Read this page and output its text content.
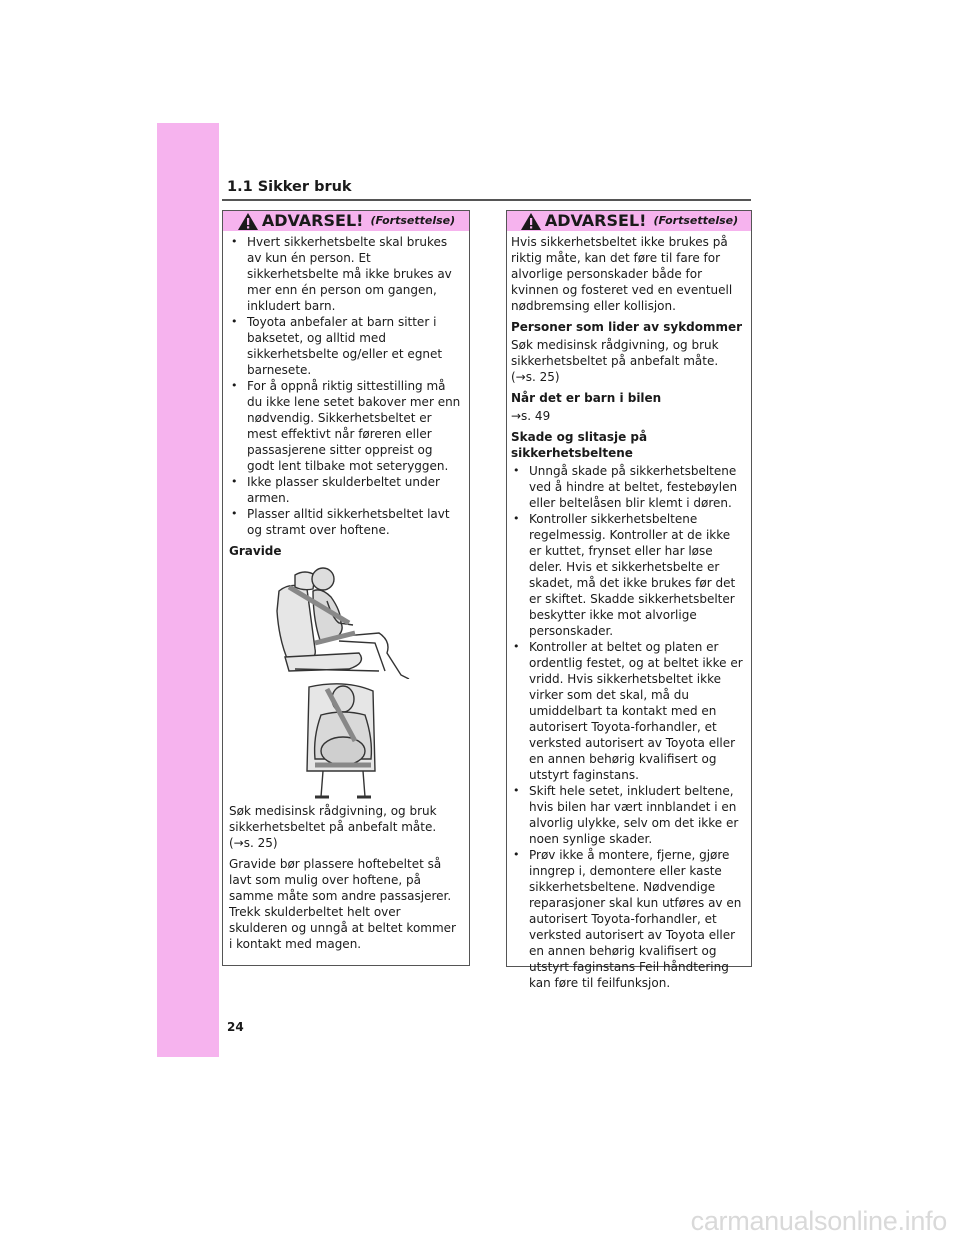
1.1 Sikker bruk
ADVARSEL! (Fortsettelse)
• Hvert sikkerhetsbelte skal brukes av kun én person. Et sikkerhetsbelte må ikke brukes av mer enn én person om gangen, inkludert barn.
• Toyota anbefaler at barn sitter i baksetet, og alltid med sikkerhetsbelte og/eller et egnet barnesete.
• For å oppnå riktig sittestilling må du ikke lene setet bakover mer enn nødvendig. Sikkerhetsbeltet er mest effektivt når føreren eller passasjerene sitter oppreist og godt lent tilbake mot seteryggen.
• Ikke plasser skulderbeltet under armen.
• Plasser alltid sikkerhetsbeltet lavt og stramt over hoftene.

Gravide

Søk medisinsk rådgivning, og bruk sikkerhetsbeltet på anbefalt måte. (→s. 25)

Gravide bør plassere hoftebeltet så lavt som mulig over hoftene, på samme måte som andre passasjerer. Trekk skulderbeltet helt over skulderen og unngå at beltet kommer i kontakt med magen.

ADVARSEL! (Fortsettelse)

Hvis sikkerhetsbeltet ikke brukes på riktig måte, kan det føre til fare for alvorlige personskader både for kvinnen og fosteret ved en eventuell nødbremsing eller kollisjon.

Personer som lider av sykdommer

Søk medisinsk rådgivning, og bruk sikkerhetsbeltet på anbefalt måte. (→s. 25)

Når det er barn i bilen

→s. 49

Skade og slitasje på sikkerhetsbeltene

• Unngå skade på sikkerhetsbeltene ved å hindre at beltet, festebøylen eller beltelåsen blir klemt i døren.
• Kontroller sikkerhetsbeltene regelmessig. Kontroller at de ikke er kuttet, frynset eller har løse deler. Hvis et sikkerhetsbelte er skadet, må det ikke brukes før det er skiftet. Skadde sikkerhetsbelter beskytter ikke mot alvorlige personskader.
• Kontroller at beltet og platen er ordentlig festet, og at beltet ikke er vridd. Hvis sikkerhetsbeltet ikke virker som det skal, må du umiddelbart ta kontakt med en autorisert Toyota-forhandler, et verksted autorisert av Toyota eller en annen behørig kvalifisert og utstyrt faginstans.
• Skift hele setet, inkludert beltene, hvis bilen har vært innblandet i en alvorlig ulykke, selv om det ikke er noen synlige skader.
• Prøv ikke å montere, fjerne, gjøre inngrep i, demontere eller kaste sikkerhetsbeltene. Nødvendige reparasjoner skal kun utføres av en autorisert Toyota-forhandler, et verksted autorisert av Toyota eller en annen behørig kvalifisert og utstyrt faginstans Feil håndtering kan føre til feilfunksjon.
24
carmanualsonline.info
